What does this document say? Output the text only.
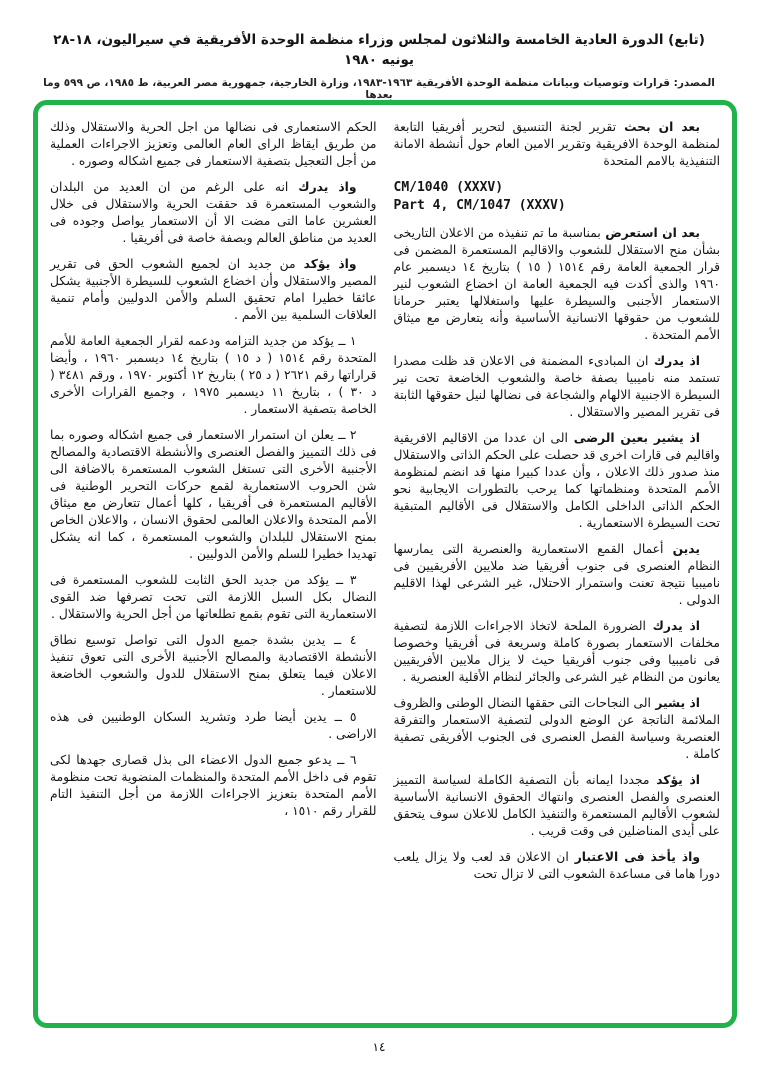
(تابع) الدورة العادية الخامسة والثلاثون لمجلس وزراء منظمة الوحدة الأفريقية في سيراليون، ١٨-٢٨ يونيه ١٩٨٠
المصدر: قرارات وتوصيات وبيانات منظمة الوحدة الأفريقية ١٩٦٣-١٩٨٣، وزارة الخارجية، جمهورية مصر العربية، ط ١٩٨٥، ص ٥٩٩ وما بعدها

بعد ان بحث تقرير لجنة التنسيق لتحرير أفريقيا التابعة لمنظمة الوحدة الافريقية وتقرير الامين العام حول أنشطة الامانة التنفيذية بالامم المتحدة

CM/1040 (XXXV)
Part 4, CM/1047 (XXXV)

بعد ان استعرض بمناسبة ما تم تنفيذه من الاعلان التاريخى بشأن منح الاستقلال للشعوب والاقاليم المستعمرة المضمن فى قرار الجمعية العامة رقم ١٥١٤ ( ١٥ ) بتاريخ ١٤ ديسمبر عام ١٩٦٠ والذى أكدت فيه الجمعية العامة ان اخضاع الشعوب لنير الاستعمار الأجنبى والسيطرة عليها واستغلالها يعتبر حرمانا للشعوب من حقوقها الانسانية الأساسية وأنه يتعارض مع ميثاق الأمم المتحدة .

اذ يدرك ان المبادىء المضمنة فى الاعلان قد ظلت مصدرا تستمد منه ناميبيا بصفة خاصة والشعوب الخاضعة تحت نير السيطرة الاجنبية الالهام والشجاعة فى نضالها لنيل حقوقها الثابتة فى تقرير المصير والاستقلال .

اذ يشير بعين الرضى الى ان عددا من الاقاليم الافريقية واقاليم فى قارات اخرى قد حصلت على الحكم الذاتى والاستقلال منذ صدور ذلك الاعلان ، وأن عددا كبيرا منها قد انضم لمنظومة الأمم المتحدة ومنظماتها كما يرحب بالتطورات الايجابية نحو الحكم الذاتى الداخلى الكامل والاستقلال فى الأقاليم المتبقية تحت السيطرة الاستعمارية .

يدين أعمال القمع الاستعمارية والعنصرية التى يمارسها النظام العنصرى فى جنوب أفريقيا ضد ملايين الأفريقيين فى ناميبيا نتيجة تعنت واستمرار الاحتلال، غير الشرعى لهذا الاقليم الدولى .

اذ يدرك الضرورة الملحة لاتخاذ الاجراءات اللازمة لتصفية مخلفات الاستعمار بصورة كاملة وسريعة فى أفريقيا وخصوصا فى ناميبيا وفى جنوب أفريقيا حيث لا يزال ملايين الأفريقيين يعانون من النظام غير الشرعى والجائر لنظام الأقلية العنصرية .

اذ يشير الى النجاحات التى حققها النضال الوطنى والظروف الملائمة الناتجة عن الوضع الدولى لتصفية الاستعمار والتفرقة العنصرية وسياسة الفصل العنصرى فى الجنوب الأفريقى تصفية كاملة .

اذ يؤكد مجددا ايمانه بأن التصفية الكاملة لسياسة التمييز العنصرى والفصل العنصرى وانتهاك الحقوق الانسانية الأساسية لشعوب الأقاليم المستعمرة والتنفيذ الكامل للاعلان سوف يتحقق على أيدى المناضلين فى وقت قريب .

واذ يأخذ فى الاعتبار ان الاعلان قد لعب ولا يزال يلعب دورا هاما فى مساعدة الشعوب التى لا تزال تحت

الحكم الاستعمارى فى نضالها من اجل الحرية والاستقلال وذلك من طريق ايقاظ الراى العام العالمى وتعزيز الاجراءات العملية من أجل التعجيل بتصفية الاستعمار فى جميع اشكاله وصوره .

واذ يدرك انه على الرغم من ان العديد من البلدان والشعوب المستعمرة قد حققت الحرية والاستقلال فى خلال العشرين عاما التى مضت الا أن الاستعمار يواصل وجوده فى العديد من مناطق العالم وبصفة خاصة فى أفريقيا .

واذ يؤكد من جديد ان لجميع الشعوب الحق فى تقرير المصير والاستقلال وأن اخضاع الشعوب للسيطرة الأجنبية يشكل عائقا خطيرا امام تحقيق السلم والأمن الدوليين وأمام تنمية العلاقات السلمية بين الأمم .

١ ــ يؤكد من جديد التزامه ودعمه لقرار الجمعية العامة للأمم المتحدة رقم ١٥١٤ ( د ١٥ ) بتاريخ ١٤ ديسمبر ١٩٦٠ ، وأيضا قراراتها رقم ٢٦٢١ ( د ٢٥ ) بتاريخ ١٢ أكتوبر ١٩٧٠ ، ورقم ٣٤٨١ ( د ٣٠ ) ، بتاريخ ١١ ديسمبر ١٩٧٥ ، وجميع القرارات الأخرى الخاصة بتصفية الاستعمار .

٢ ــ يعلن ان استمرار الاستعمار فى جميع اشكاله وصوره بما فى ذلك التمييز والفصل العنصرى والأنشطة الاقتصادية والمصالح الأجنبية الأخرى التى تستغل الشعوب المستعمرة بالاضافة الى شن الحروب الاستعمارية لقمع حركات التحرير الوطنية فى الأقاليم المستعمرة فى أفريقيا ، كلها أعمال تتعارض مع ميثاق الأمم المتحدة والاعلان العالمى لحقوق الانسان ، والاعلان الخاص بمنح الاستقلال للبلدان والشعوب المستعمرة ، كما انه يشكل تهديدا خطيرا للسلم والأمن الدوليين .

٣ ــ يؤكد من جديد الحق الثابت للشعوب المستعمرة فى النضال بكل السبل اللازمة التى تحت تصرفها ضد القوى الاستعمارية التى تقوم بقمع تطلعاتها من أجل الحرية والاستقلال .

٤ ــ يدين بشدة جميع الدول التى تواصل توسيع نطاق الأنشطة الاقتصادية والمصالح الأجنبية الأخرى التى تعوق تنفيذ الاعلان فيما يتعلق بمنح الاستقلال للدول والشعوب الخاضعة للاستعمار .

٥ ــ يدين أيضا طرد وتشريد السكان الوطنيين فى هذه الاراضى .

٦ ــ يدعو جميع الدول الاعضاء الى بذل قصارى جهدها لكى تقوم فى داخل الأمم المتحدة والمنظمات المنضوية تحت منظومة الأمم المتحدة بتعزيز الاجراءات اللازمة من أجل التنفيذ التام للقرار رقم ١٥١٠ ،

١٤
